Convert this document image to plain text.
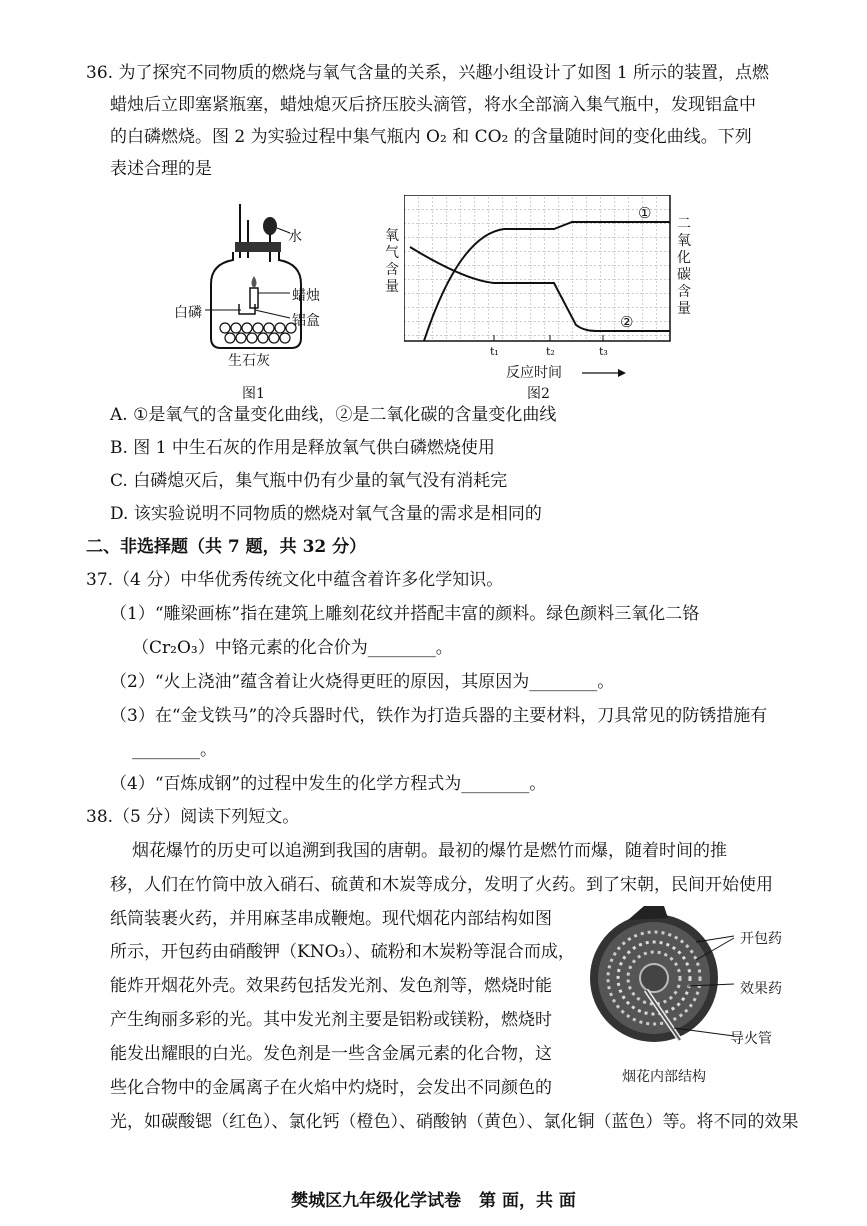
36. 为了探究不同物质的燃烧与氧气含量的关系，兴趣小组设计了如图 1 所示的装置，点燃
蜡烛后立即塞紧瓶塞，蜡烛熄灭后挤压胶头滴管，将水全部滴入集气瓶中，发现铝盒中
的白磷燃烧。图 2 为实验过程中集气瓶内 O₂ 和 CO₂ 的含量随时间的变化曲线。下列
表述合理的是
水
蜡烛
白磷	铝盒
生石灰
图1
氧
气
含
量
二
氧
化
碳
含
量
①
②
t₁	t₂	t₃
反应时间
图2
A. ①是氧气的含量变化曲线，②是二氧化碳的含量变化曲线
B. 图 1 中生石灰的作用是释放氧气供白磷燃烧使用
C. 白磷熄灭后，集气瓶中仍有少量的氧气没有消耗完
D. 该实验说明不同物质的燃烧对氧气含量的需求是相同的
二、非选择题（共 7 题，共 32 分）
37.（4 分）中华优秀传统文化中蕴含着许多化学知识。
（1）“雕梁画栋”指在建筑上雕刻花纹并搭配丰富的颜料。绿色颜料三氧化二铬
（Cr₂O₃）中铬元素的化合价为________。
（2）“火上浇油”蕴含着让火烧得更旺的原因，其原因为________。
（3）在“金戈铁马”的冷兵器时代，铁作为打造兵器的主要材料，刀具常见的防锈措施有
________。
（4）“百炼成钢”的过程中发生的化学方程式为________。
38.（5 分）阅读下列短文。
烟花爆竹的历史可以追溯到我国的唐朝。最初的爆竹是燃竹而爆，随着时间的推
移，人们在竹筒中放入硝石、硫黄和木炭等成分，发明了火药。到了宋朝，民间开始使用
纸筒装裹火药，并用麻茎串成鞭炮。现代烟花内部结构如图
所示，开包药由硝酸钾（KNO₃）、硫粉和木炭粉等混合而成，
能炸开烟花外壳。效果药包括发光剂、发色剂等，燃烧时能
产生绚丽多彩的光。其中发光剂主要是铝粉或镁粉，燃烧时
能发出耀眼的白光。发色剂是一些含金属元素的化合物，这
些化合物中的金属离子在火焰中灼烧时，会发出不同颜色的
光，如碳酸锶（红色）、氯化钙（橙色）、硝酸钠（黄色）、氯化铜（蓝色）等。将不同的效果
开包药
效果药
导火管
烟花内部结构
樊城区九年级化学试卷 第 面，共 面
